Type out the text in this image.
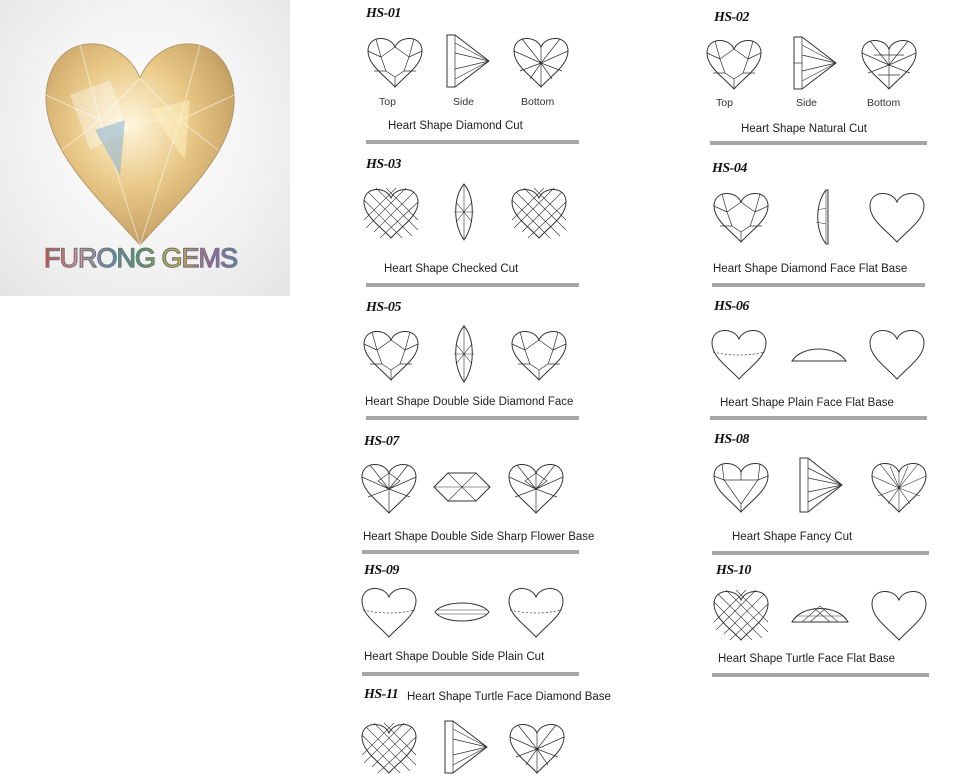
FURONG GEMS
HS-01
Top	Side	Bottom
Heart Shape Diamond Cut
HS-02
Top	Side	Bottom
Heart Shape Natural Cut
HS-03
Heart Shape Checked Cut
HS-04
Heart Shape Diamond Face Flat Base
HS-05
Heart Shape Double Side Diamond Face
HS-06
Heart Shape Plain Face Flat Base
HS-07
Heart Shape Double Side Sharp Flower Base
HS-08
Heart Shape Fancy Cut
HS-09
Heart Shape Double Side Plain Cut
HS-10
Heart Shape Turtle Face Flat Base
HS-11 Heart Shape Turtle Face Diamond Base
